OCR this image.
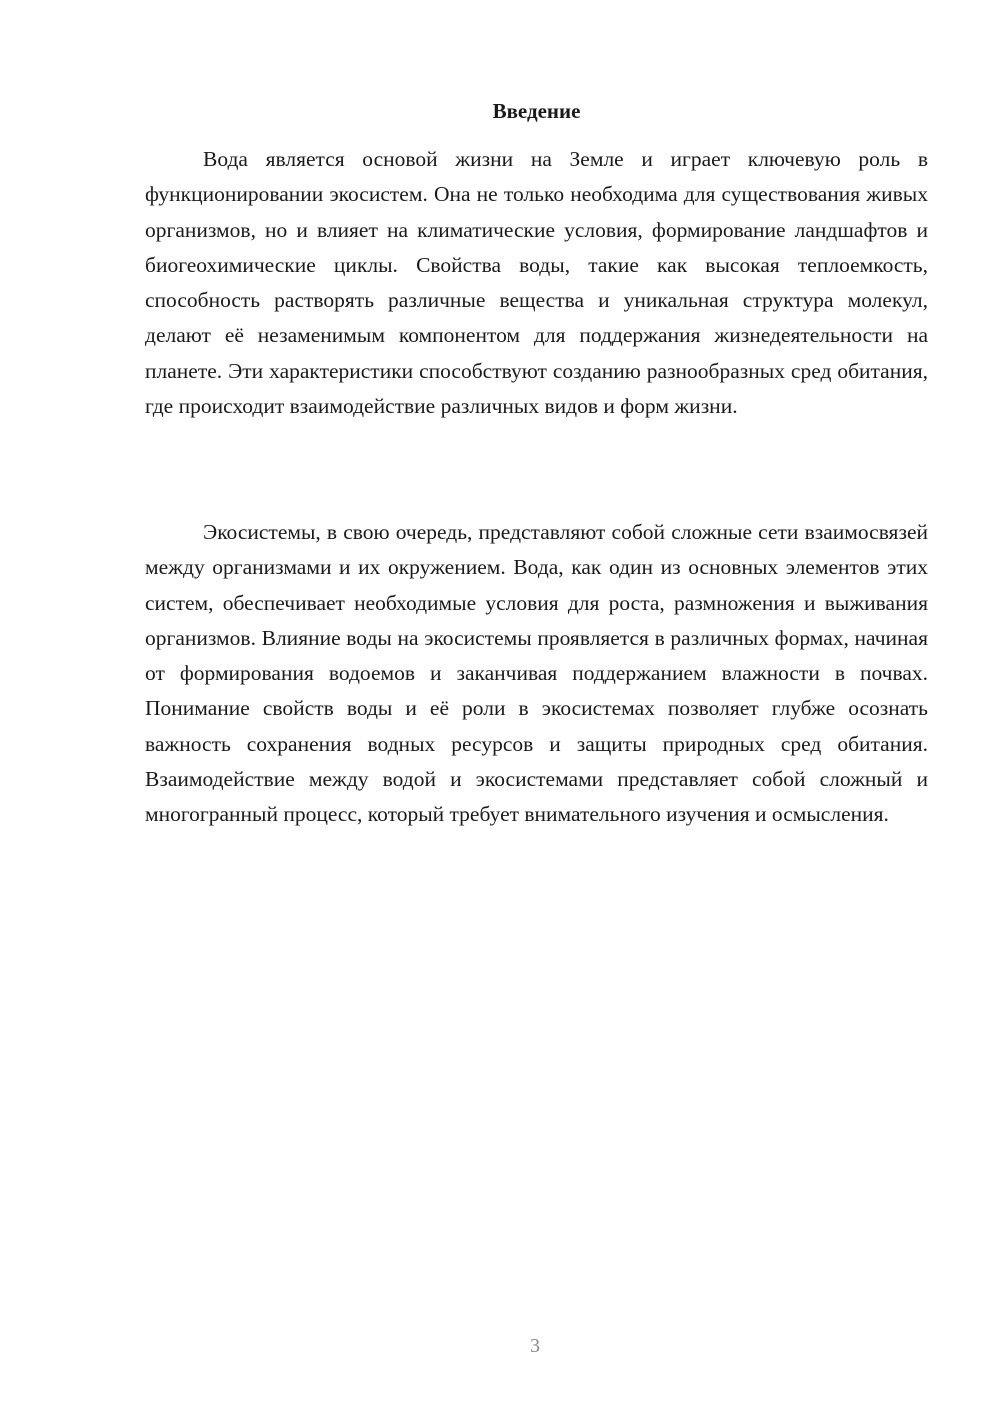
Введение

Вода является основой жизни на Земле и играет ключевую роль в функционировании экосистем. Она не только необходима для существования живых организмов, но и влияет на климатические условия, формирование ландшафтов и биогеохимические циклы. Свойства воды, такие как высокая теплоемкость, способность растворять различные вещества и уникальная структура молекул, делают её незаменимым компонентом для поддержания жизнедеятельности на планете. Эти характеристики способствуют созданию разнообразных сред обитания, где происходит взаимодействие различных видов и форм жизни.

Экосистемы, в свою очередь, представляют собой сложные сети взаимосвязей между организмами и их окружением. Вода, как один из основных элементов этих систем, обеспечивает необходимые условия для роста, размножения и выживания организмов. Влияние воды на экосистемы проявляется в различных формах, начиная от формирования водоемов и заканчивая поддержанием влажности в почвах. Понимание свойств воды и её роли в экосистемах позволяет глубже осознать важность сохранения водных ресурсов и защиты природных сред обитания. Взаимодействие между водой и экосистемами представляет собой сложный и многогранный процесс, который требует внимательного изучения и осмысления.

3
